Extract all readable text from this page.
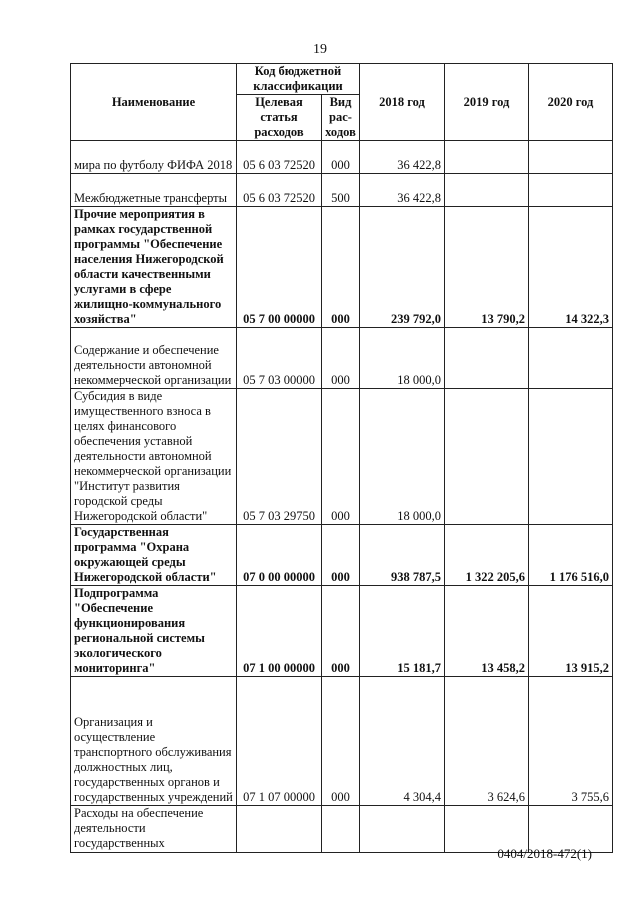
19
Наименование	Код бюджетной классификации		2018 год	2019 год	2020 год
	Целевая статья расходов	Вид рас-ходов			
мира по футболу ФИФА 2018	05 6 03 72520	000	36 422,8		
Межбюджетные трансферты	05 6 03 72520	500	36 422,8		
Прочие мероприятия в рамках государственной программы "Обеспечение населения Нижегородской области качественными услугами в сфере жилищно-коммунального хозяйства"	05 7 00 00000	000	239 792,0	13 790,2	14 322,3
Содержание и обеспечение деятельности автономной некоммерческой организации	05 7 03 00000	000	18 000,0		
Субсидия в виде имущественного взноса в целях финансового обеспечения уставной деятельности автономной некоммерческой организации "Институт развития городской среды Нижегородской области"	05 7 03 29750	000	18 000,0		
Государственная программа "Охрана окружающей среды Нижегородской области"	07 0 00 00000	000	938 787,5	1 322 205,6	1 176 516,0
Подпрограмма "Обеспечение функционирования региональной системы экологического мониторинга"	07 1 00 00000	000	15 181,7	13 458,2	13 915,2
Организация и осуществление транспортного обслуживания должностных лиц, государственных органов и государственных учреждений	07 1 07 00000	000	4 304,4	3 624,6	3 755,6
Расходы на обеспечение деятельности государственных					
0404/2018-472(1)
